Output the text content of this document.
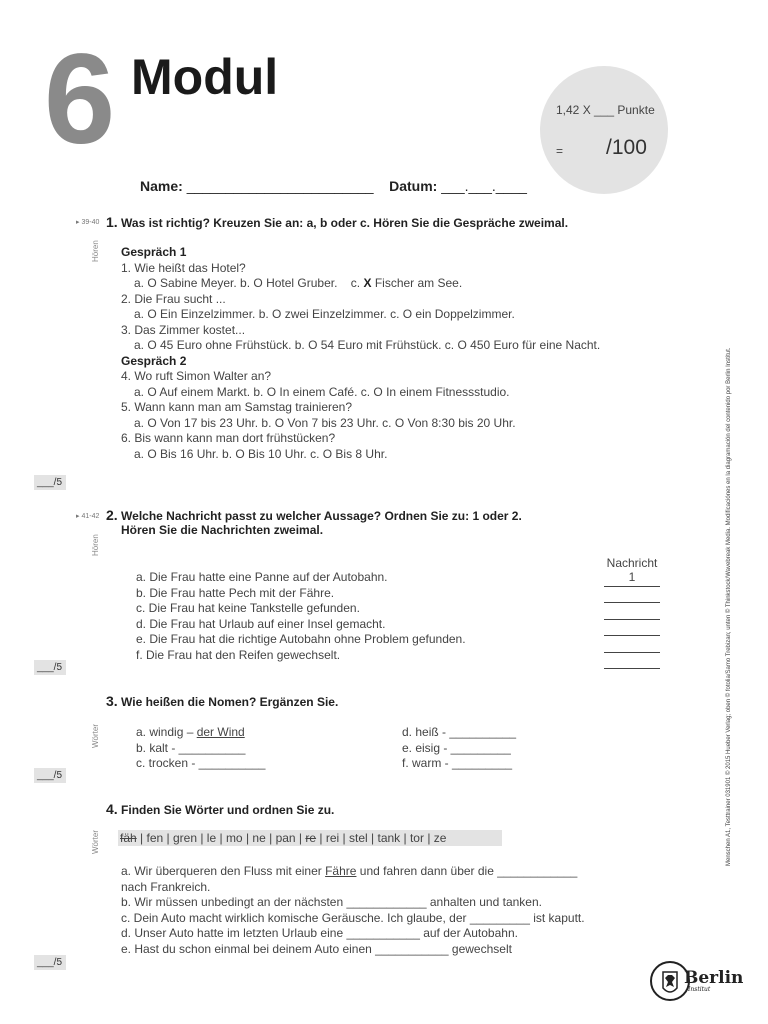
6 Modul
1,42 X ___ Punkte
= /100
Name: ________________________ Datum: ___.___.____
▸ 39-40 1. Was ist richtig? Kreuzen Sie an: a, b oder c. Hören Sie die Gespräche zweimal.
Hören Gespräch 1
1. Wie heißt das Hotel?
a. O Sabine Meyer. b. O Hotel Gruber. c. X Fischer am See.
2. Die Frau sucht ...
a. O Ein Einzelzimmer. b. O zwei Einzelzimmer. c. O ein Doppelzimmer.
3. Das Zimmer kostet...
a. O 45 Euro ohne Frühstück. b. O 54 Euro mit Frühstück. c. O 450 Euro für eine Nacht.
Gespräch 2
4. Wo ruft Simon Walter an?
a. O Auf einem Markt. b. O In einem Café. c. O In einem Fitnessstudio.
5. Wann kann man am Samstag trainieren?
a. O Von 17 bis 23 Uhr. b. O Von 7 bis 23 Uhr. c. O Von 8:30 bis 20 Uhr.
6. Bis wann kann man dort frühstücken?
a. O Bis 16 Uhr. b. O Bis 10 Uhr. c. O Bis 8 Uhr.
___/5
▸ 41-42 2. Welche Nachricht passt zu welcher Aussage? Ordnen Sie zu: 1 oder 2.
Hören Sie die Nachrichten zweimal.
Hören
a. Die Frau hatte eine Panne auf der Autobahn.
b. Die Frau hatte Pech mit der Fähre.
c. Die Frau hat keine Tankstelle gefunden.
d. Die Frau hat Urlaub auf einer Insel gemacht.
e. Die Frau hat die richtige Autobahn ohne Problem gefunden.
f. Die Frau hat den Reifen gewechselt.
Nachricht
1
___/5
3. Wie heißen die Nomen? Ergänzen Sie.
Wörter	a. windig – der Wind
b. kalt - __________
c. trocken - __________
d. heiß - __________
e. eisig - _________
f. warm - _________
___/5
4. Finden Sie Wörter und ordnen Sie zu.
Wörter fäh | fen | gren | le | mo | ne | pan | re | rei | stel | tank | tor | ze
a. Wir überqueren den Fluss mit einer Fähre und fahren dann über die ____________
nach Frankreich.
b. Wir müssen unbedingt an der nächsten ____________ anhalten und tanken.
c. Dein Auto macht wirklich komische Geräusche. Ich glaube, der _________ ist kaputt.
d. Unser Auto hatte im letzten Urlaub eine ___________ auf der Autobahn.
e. Hast du schon einmal bei deinem Auto einen ___________ gewechselt
___/5
Menschen A1, Testtrainer 031901 © 2015 Hueber Verlag; oben © fotolia/Samo Trebizan; unten © Thinkstock/Wavebreak Media. Modificaciónes en la diagramación del contenido por Berlin Institut.
Berlin
Institut
